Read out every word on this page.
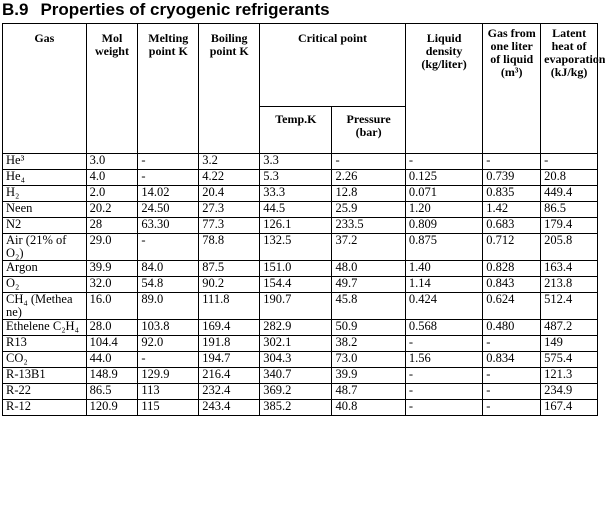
B.9 Properties of cryogenic refrigerants
Gas	Mol weight	Melting point K	Boiling point K	Critical point		Liquid density (kg/liter)	Gas from one liter of liquid (m³)	Latent heat of evaporation (kJ/kg)
				Temp.K	Pressure (bar)			
He³	3.0	-	3.2	3.3	-	-	-	-
He₄	4.0	-	4.22	5.3	2.26	0.125	0.739	20.8
H₂	2.0	14.02	20.4	33.3	12.8	0.071	0.835	449.4
Neen	20.2	24.50	27.3	44.5	25.9	1.20	1.42	86.5
N2	28	63.30	77.3	126.1	233.5	0.809	0.683	179.4
Air (21% of O₂)	29.0	-	78.8	132.5	37.2	0.875	0.712	205.8
Argon	39.9	84.0	87.5	151.0	48.0	1.40	0.828	163.4
O₂	32.0	54.8	90.2	154.4	49.7	1.14	0.843	213.8
CH₄ (Methea ne)	16.0	89.0	111.8	190.7	45.8	0.424	0.624	512.4
Ethelene C₂H₄	28.0	103.8	169.4	282.9	50.9	0.568	0.480	487.2
R13	104.4	92.0	191.8	302.1	38.2	-	-	149
CO₂	44.0	-	194.7	304.3	73.0	1.56	0.834	575.4
R-13B1	148.9	129.9	216.4	340.7	39.9	-	-	121.3
R-22	86.5	113	232.4	369.2	48.7	-	-	234.9
R-12	120.9	115	243.4	385.2	40.8	-	-	167.4
